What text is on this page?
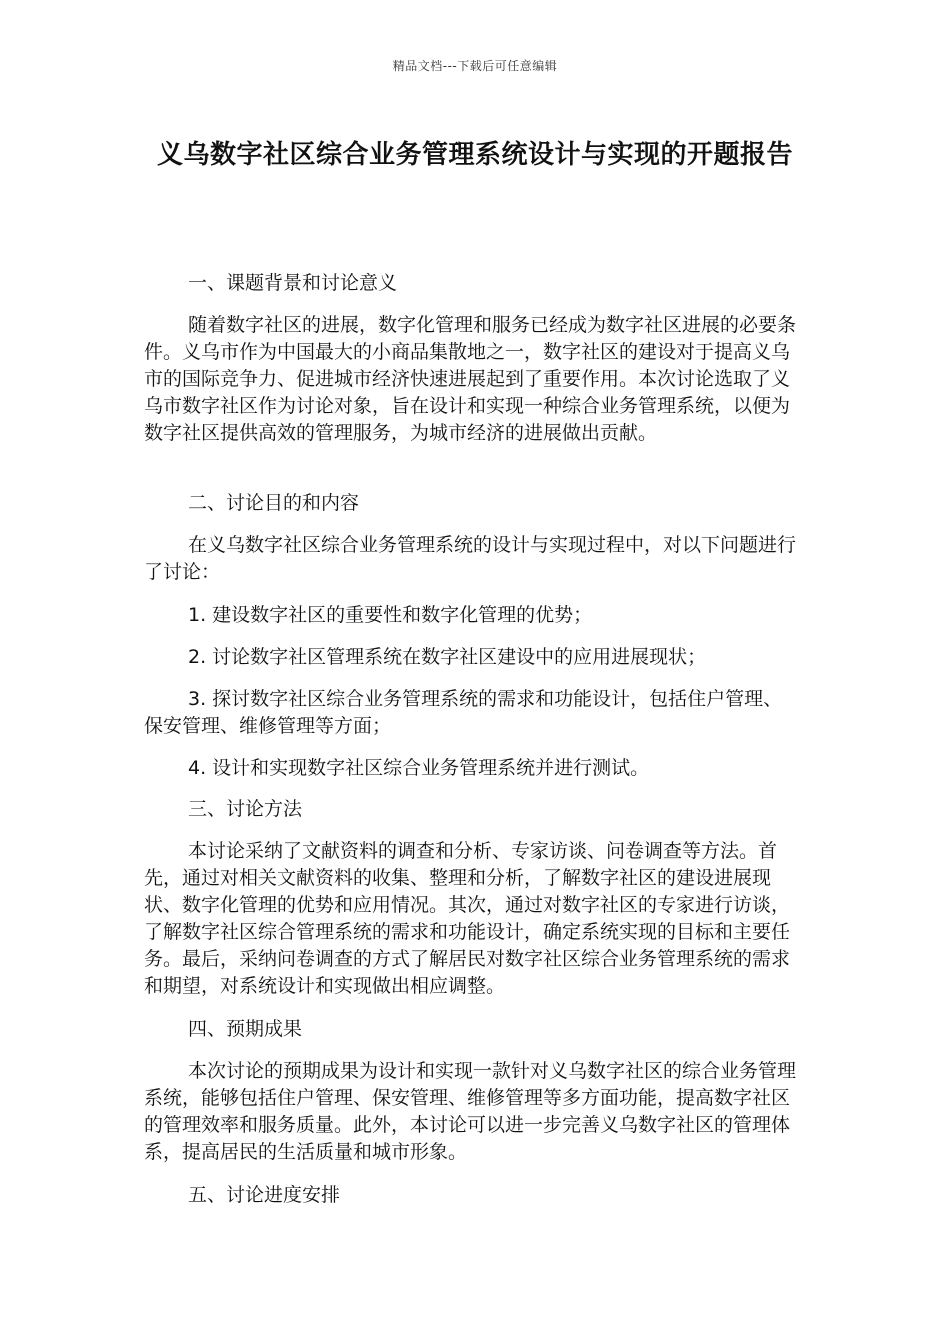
精品文档---下载后可任意编辑
义乌数字社区综合业务管理系统设计与实现的开题报告

一、课题背景和讨论意义

随着数字社区的进展，数字化管理和服务已经成为数字社区进展的必要条件。义乌市作为中国最大的小商品集散地之一，数字社区的建设对于提高义乌市的国际竞争力、促进城市经济快速进展起到了重要作用。本次讨论选取了义乌市数字社区作为讨论对象，旨在设计和实现一种综合业务管理系统，以便为数字社区提供高效的管理服务，为城市经济的进展做出贡献。

二、讨论目的和内容

在义乌数字社区综合业务管理系统的设计与实现过程中，对以下问题进行了讨论：

1. 建设数字社区的重要性和数字化管理的优势；

2. 讨论数字社区管理系统在数字社区建设中的应用进展现状；

3. 探讨数字社区综合业务管理系统的需求和功能设计，包括住户管理、保安管理、维修管理等方面；

4. 设计和实现数字社区综合业务管理系统并进行测试。

三、讨论方法

本讨论采纳了文献资料的调查和分析、专家访谈、问卷调查等方法。首先，通过对相关文献资料的收集、整理和分析，了解数字社区的建设进展现状、数字化管理的优势和应用情况。其次，通过对数字社区的专家进行访谈，了解数字社区综合管理系统的需求和功能设计，确定系统实现的目标和主要任务。最后，采纳问卷调查的方式了解居民对数字社区综合业务管理系统的需求和期望，对系统设计和实现做出相应调整。

四、预期成果

本次讨论的预期成果为设计和实现一款针对义乌数字社区的综合业务管理系统，能够包括住户管理、保安管理、维修管理等多方面功能，提高数字社区的管理效率和服务质量。此外，本讨论可以进一步完善义乌数字社区的管理体系，提高居民的生活质量和城市形象。

五、讨论进度安排
